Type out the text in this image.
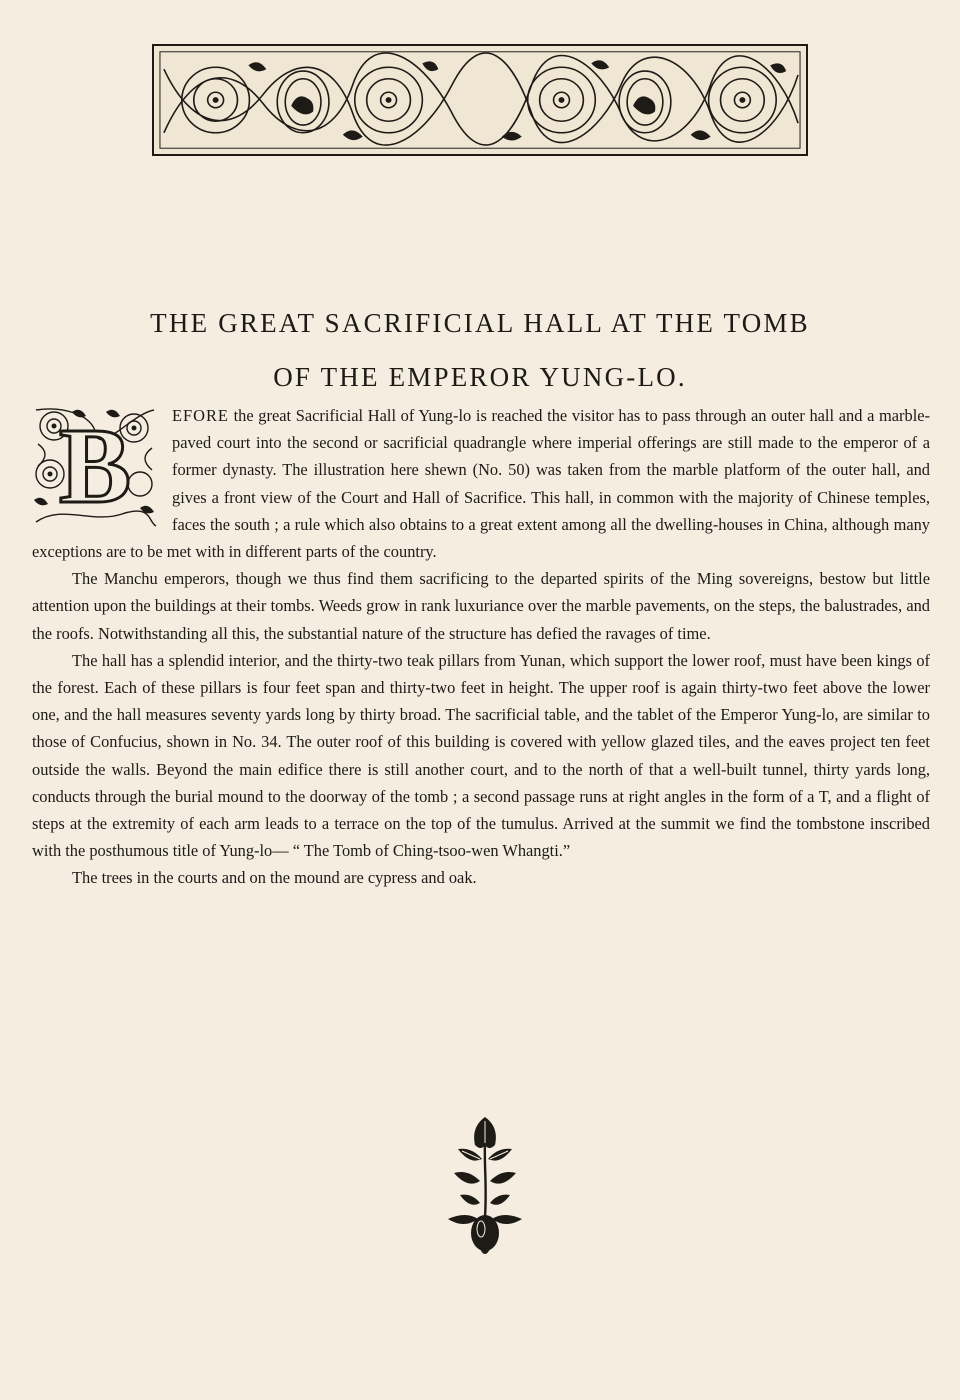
THE GREAT SACRIFICIAL HALL AT THE TOMB
OF THE EMPEROR YUNG-LO.

B	EFORE the great Sacrificial Hall of Yung-lo is reached the visitor has to pass through an outer hall and a marble-paved court into the second or sacrificial quadrangle where imperial offerings are still made to the emperor of a former dynasty. The illustration here shewn (No. 50) was taken from the marble platform of the outer hall, and gives a front view of the Court and Hall of Sacrifice. This hall, in common with the majority of Chinese temples, faces the south ; a rule which also obtains to a great extent among all the dwelling-houses in China, although many exceptions are to be met with in different parts of the country.

The Manchu emperors, though we thus find them sacrificing to the departed spirits of the Ming sovereigns, bestow but little attention upon the buildings at their tombs. Weeds grow in rank luxuriance over the marble pavements, on the steps, the balustrades, and the roofs. Notwithstanding all this, the substantial nature of the structure has defied the ravages of time.

The hall has a splendid interior, and the thirty-two teak pillars from Yunan, which support the lower roof, must have been kings of the forest. Each of these pillars is four feet span and thirty-two feet in height. The upper roof is again thirty-two feet above the lower one, and the hall measures seventy yards long by thirty broad. The sacrificial table, and the tablet of the Emperor Yung-lo, are similar to those of Confucius, shown in No. 34. The outer roof of this building is covered with yellow glazed tiles, and the eaves project ten feet outside the walls. Beyond the main edifice there is still another court, and to the north of that a well-built tunnel, thirty yards long, conducts through the burial mound to the doorway of the tomb ; a second passage runs at right angles in the form of a T, and a flight of steps at the extremity of each arm leads to a terrace on the top of the tumulus. Arrived at the summit we find the tombstone inscribed with the posthumous title of Yung-lo— “ The Tomb of Ching-tsoo-wen Whangti.”

The trees in the courts and on the mound are cypress and oak.
